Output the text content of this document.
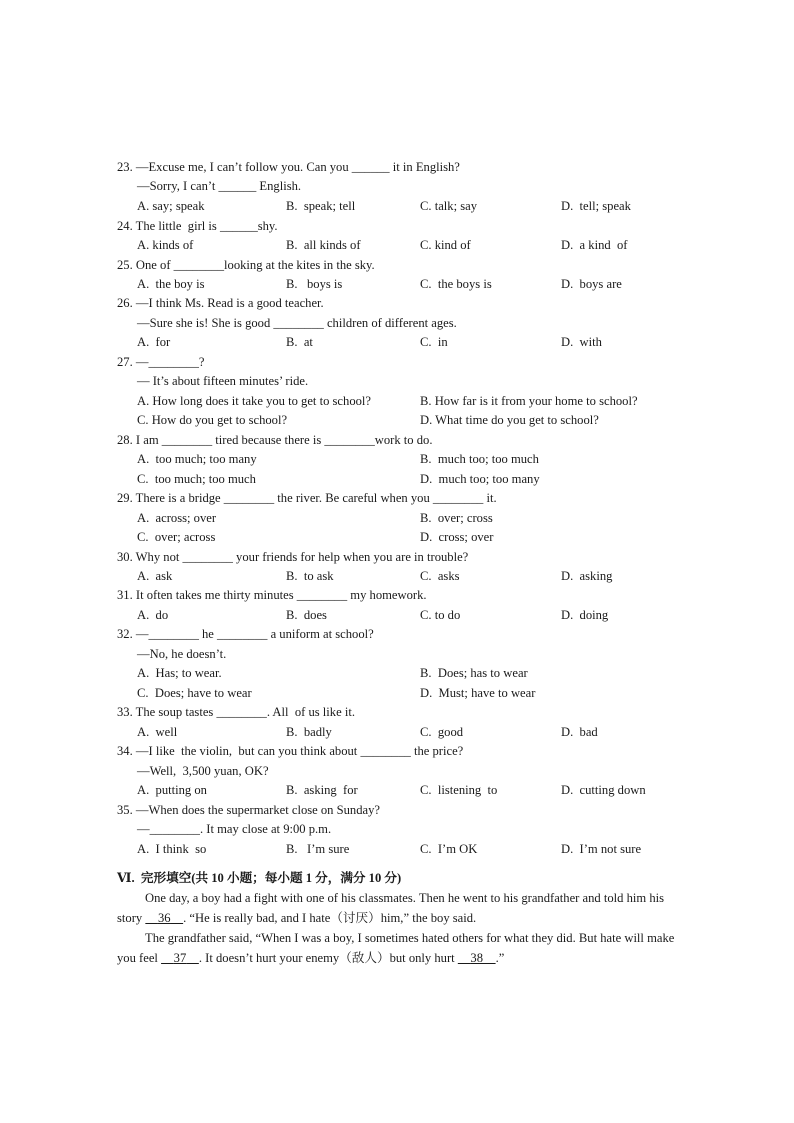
23. —Excuse me, I can’t follow you. Can you ______ it in English?
—Sorry, I can’t ______ English.
A. say; speak	B.  speak; tell	C. talk; say	D.  tell; speak
24. The little  girl is ______shy.
A. kinds of	B.  all kinds of	C. kind of	D.  a kind  of
25. One of ________looking at the kites in the sky.
A.  the boy is	B.   boys is	C.  the boys is	D.  boys are
26. —I think Ms. Read is a good teacher.
—Sure she is! She is good ________ children of different ages.
A.  for	B.  at	C.  in	D.  with
27. —________?
— It’s about fifteen minutes’ ride.
A. How long does it take you to get to school?	B. How far is it from your home to school?
C. How do you get to school?	D. What time do you get to school?
28. I am ________ tired because there is ________work to do.
A.  too much; too many	B.  much too; too much
C.  too much; too much	D.  much too; too many
29. There is a bridge ________ the river. Be careful when you ________ it.
A.  across; over	B.  over; cross
C.  over; across	D.  cross; over
30. Why not ________ your friends for help when you are in trouble?
A.  ask	B.  to ask	C.  asks	D.  asking
31. It often takes me thirty minutes ________ my homework.
A.  do	B.  does	C. to do	D.  doing
32. —________ he ________ a uniform at school?
—No, he doesn’t.
A.  Has; to wear.	B.  Does; has to wear
C.  Does; have to wear	D.  Must; have to wear
33. The soup tastes ________. All  of us like it.
A.  well	B.  badly	C.  good	D.  bad
34. —I like  the violin,  but can you think about ________ the price?
—Well,  3,500 yuan, OK?
A.  putting on	B.  asking  for	C.  listening  to	D.  cutting down
35. —When does the supermarket close on Sunday?
—________. It may close at 9:00 p.m.
A.  I think  so	B.   I’m sure	C.  I’m OK	D.  I’m not sure
Ⅵ.  完形填空(共 10 小题；每小题 1 分，满分 10 分)
One day, a boy had a fight with one of his classmates. Then he went to his grandfather and told him his story     36 . “He is really bad, and I hate（讨厌）him,” the boy said.
The grandfather said, “When I was a boy, I sometimes hated others for what they did. But hate will make you feel     37 . It doesn’t hurt your enemy（敌人）but only hurt     38 .”
